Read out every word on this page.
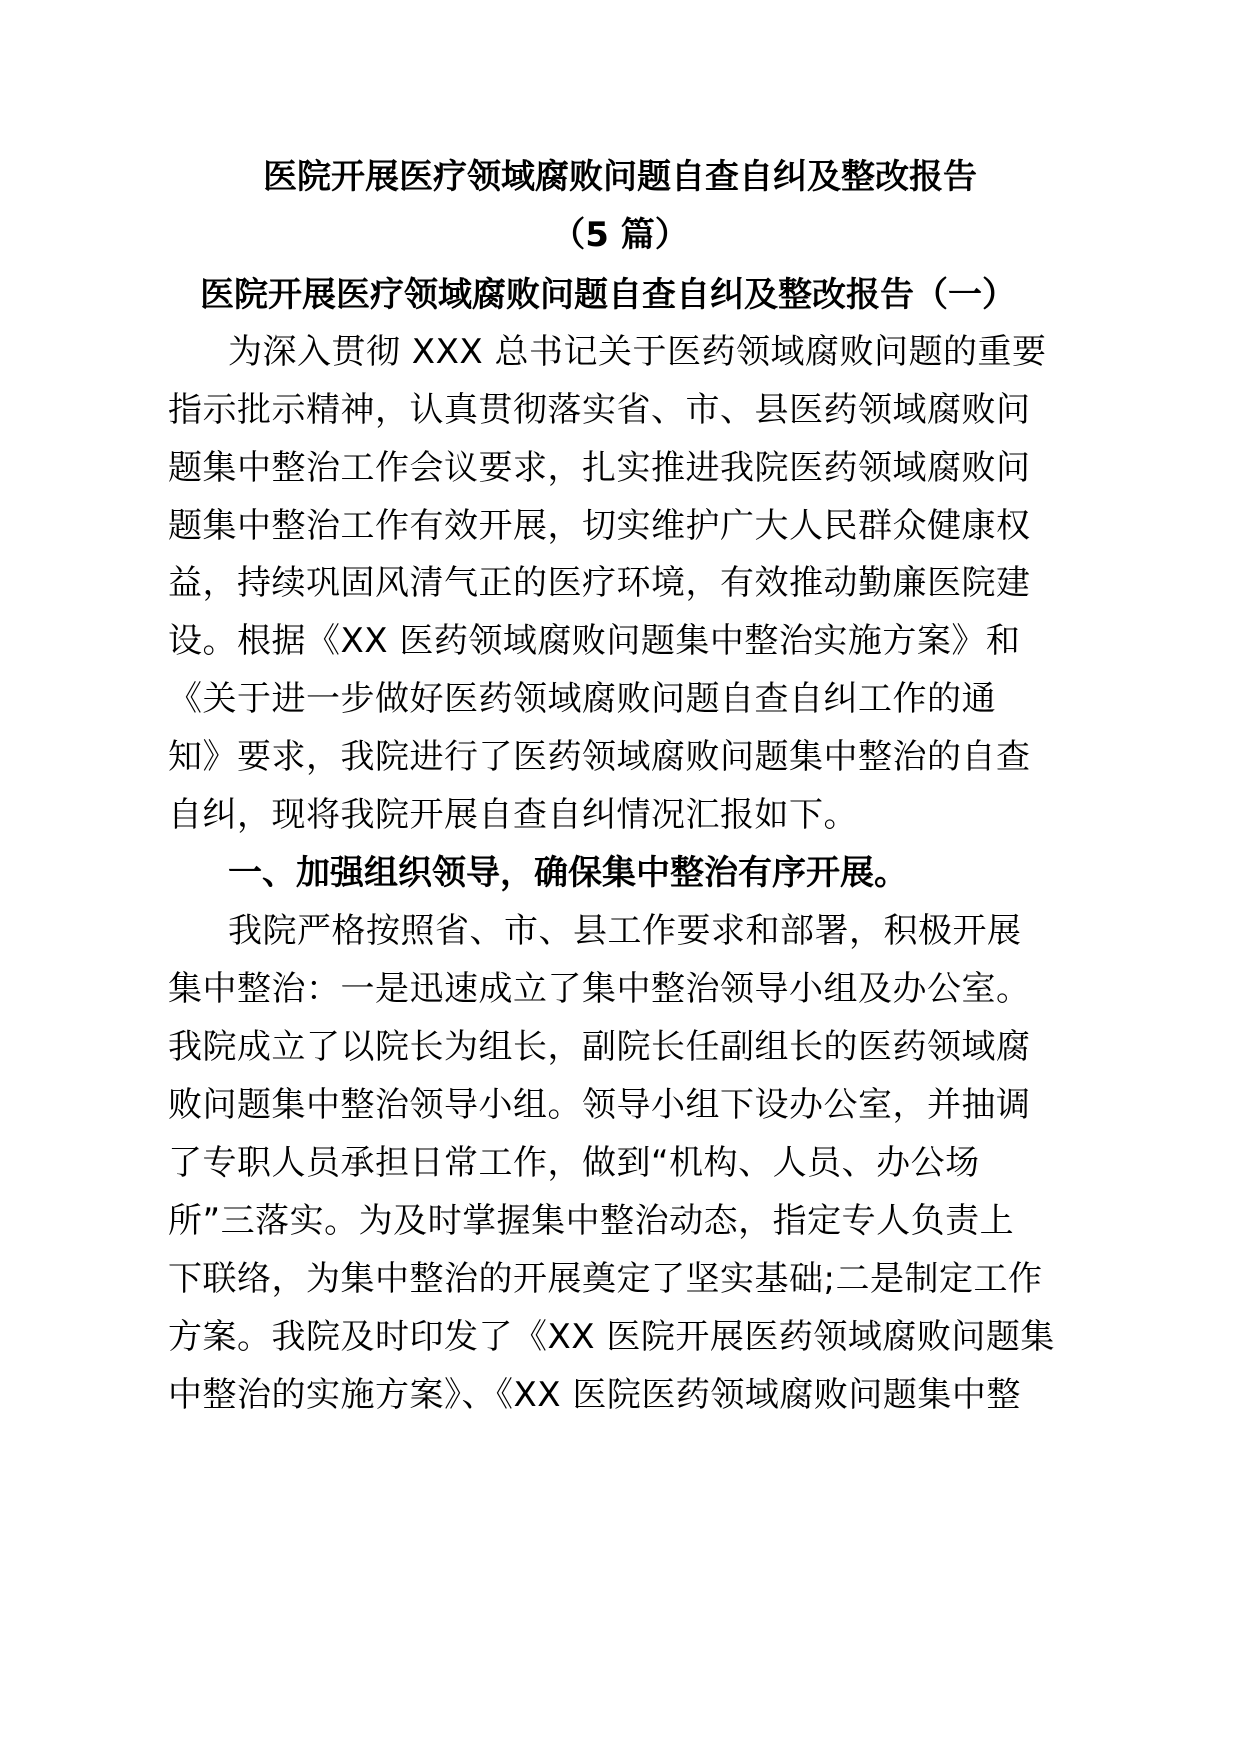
医院开展医疗领域腐败问题自查自纠及整改报告
（5 篇）
医院开展医疗领域腐败问题自查自纠及整改报告（一）
为深入贯彻 XXX 总书记关于医药领域腐败问题的重要
指示批示精神，认真贯彻落实省、市、县医药领域腐败问
题集中整治工作会议要求，扎实推进我院医药领域腐败问
题集中整治工作有效开展，切实维护广大人民群众健康权
益，持续巩固风清气正的医疗环境，有效推动勤廉医院建
设。根据《XX 医药领域腐败问题集中整治实施方案》和
《关于进一步做好医药领域腐败问题自查自纠工作的通
知》要求，我院进行了医药领域腐败问题集中整治的自查
自纠，现将我院开展自查自纠情况汇报如下。
一、加强组织领导，确保集中整治有序开展。
我院严格按照省、市、县工作要求和部署，积极开展
集中整治：一是迅速成立了集中整治领导小组及办公室。
我院成立了以院长为组长，副院长任副组长的医药领域腐
败问题集中整治领导小组。领导小组下设办公室，并抽调
了专职人员承担日常工作，做到“机构、人员、办公场
所”三落实。为及时掌握集中整治动态，指定专人负责上
下联络，为集中整治的开展奠定了坚实基础;二是制定工作
方案。我院及时印发了《XX 医院开展医药领域腐败问题集
中整治的实施方案》、《XX 医院医药领域腐败问题集中整
